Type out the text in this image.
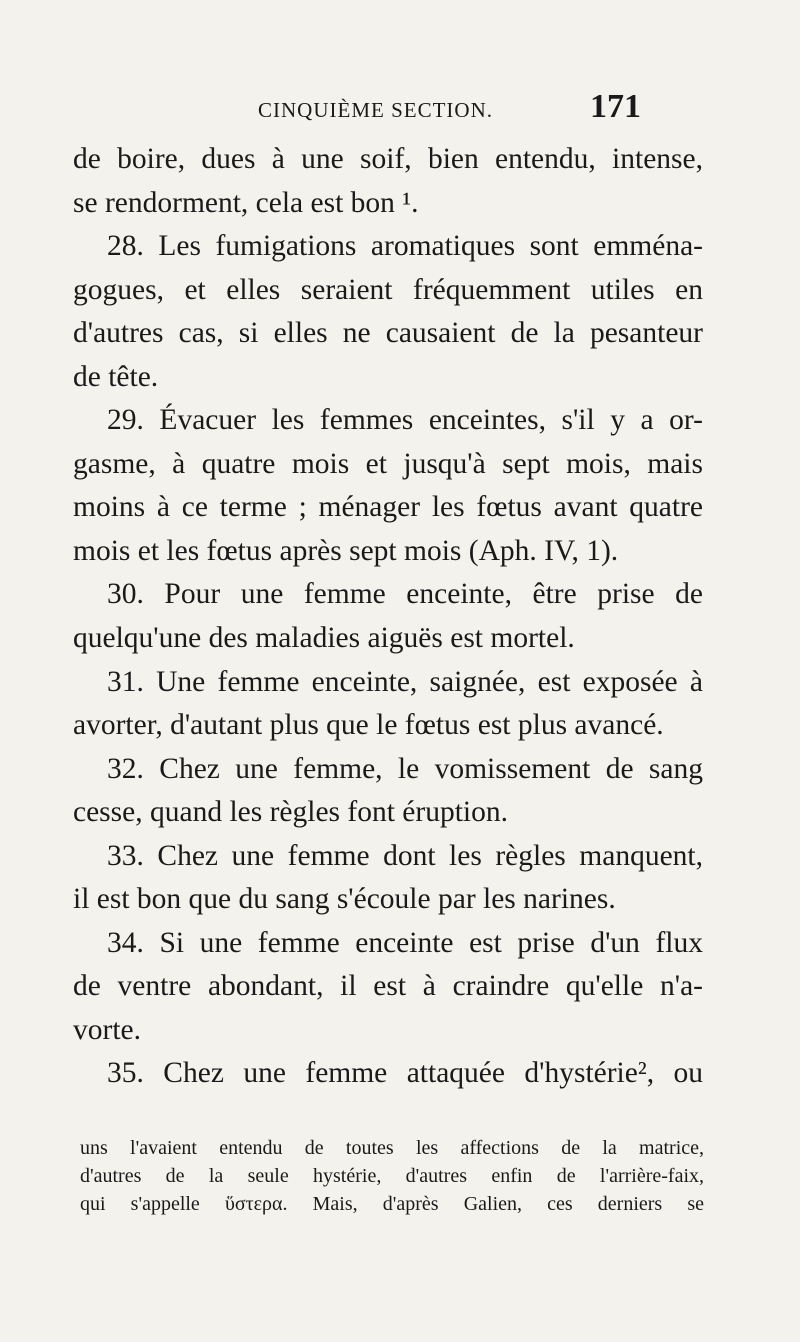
CINQUIÈME SECTION.	171
de boire, dues à une soif, bien entendu, intense,
se rendorment, cela est bon ¹.
28. Les fumigations aromatiques sont emména-
gogues, et elles seraient fréquemment utiles en
d'autres cas, si elles ne causaient de la pesanteur
de tête.
29. Évacuer les femmes enceintes, s'il y a or-
gasme, à quatre mois et jusqu'à sept mois, mais
moins à ce terme ; ménager les fœtus avant quatre
mois et les fœtus après sept mois (Aph. IV, 1).
30. Pour une femme enceinte, être prise de
quelqu'une des maladies aiguës est mortel.
31. Une femme enceinte, saignée, est exposée à
avorter, d'autant plus que le fœtus est plus avancé.
32. Chez une femme, le vomissement de sang
cesse, quand les règles font éruption.
33. Chez une femme dont les règles manquent,
il est bon que du sang s'écoule par les narines.
34. Si une femme enceinte est prise d'un flux
de ventre abondant, il est à craindre qu'elle n'a-
vorte.
35. Chez une femme attaquée d'hystérie², ou
uns l'avaient entendu de toutes les affections de la matrice,
d'autres de la seule hystérie, d'autres enfin de l'arrière-faix,
qui s'appelle ὕστερα. Mais, d'après Galien, ces derniers se
